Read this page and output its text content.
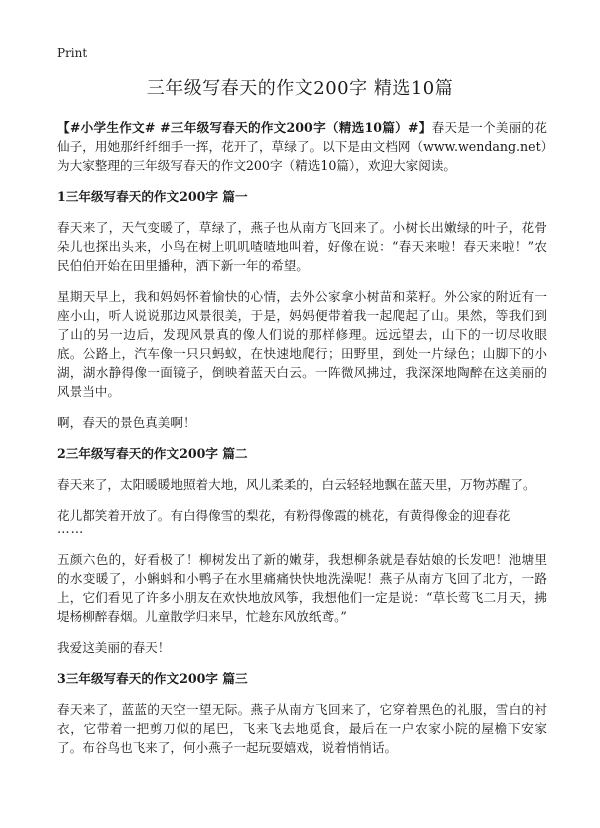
Print
三年级写春天的作文200字 精选10篇

【#小学生作文# #三年级写春天的作文200字（精选10篇）#】春天是一个美丽的花仙子，用她那纤纤细手一挥，花开了，草绿了。以下是由文档网（www.wendang.net）为大家整理的三年级写春天的作文200字（精选10篇），欢迎大家阅读。

1三年级写春天的作文200字 篇一

春天来了，天气变暖了，草绿了，燕子也从南方飞回来了。小树长出嫩绿的叶子，花骨朵儿也探出头来，小鸟在树上叽叽喳喳地叫着，好像在说：“春天来啦！春天来啦！”农民伯伯开始在田里播种，洒下新一年的希望。

星期天早上，我和妈妈怀着愉快的心情，去外公家拿小树苗和菜籽。外公家的附近有一座小山，听人说说那边风景很美，于是，妈妈便带着我一起爬起了山。果然，等我们到了山的另一边后，发现风景真的像人们说的那样修理。远远望去，山下的一切尽收眼底。公路上，汽车像一只只蚂蚁，在快速地爬行；田野里，到处一片绿色；山脚下的小湖，湖水静得像一面镜子，倒映着蓝天白云。一阵微风拂过，我深深地陶醉在这美丽的风景当中。

啊，春天的景色真美啊！

2三年级写春天的作文200字 篇二

春天来了，太阳暖暖地照着大地，风儿柔柔的，白云轻轻地飘在蓝天里，万物苏醒了。

花儿都笑着开放了。有白得像雪的梨花，有粉得像霞的桃花，有黄得像金的迎春花

……

五颜六色的，好看极了！柳树发出了新的嫩芽，我想柳条就是春姑娘的长发吧！池塘里的水变暖了，小蝌蚪和小鸭子在水里痛痛快快地洗澡呢！燕子从南方飞回了北方，一路上，它们看见了许多小朋友在欢快地放风筝，我想他们一定是说：“草长莺飞二月天，拂堤杨柳醉春烟。儿童散学归来早，忙趁东风放纸鸢。”

我爱这美丽的春天！

3三年级写春天的作文200字 篇三

春天来了，蓝蓝的天空一望无际。燕子从南方飞回来了，它穿着黑色的礼服，雪白的衬衣，它带着一把剪刀似的尾巴，飞来飞去地觅食，最后在一户农家小院的屋檐下安家了。布谷鸟也飞来了，何小燕子一起玩耍嬉戏，说着悄悄话。
